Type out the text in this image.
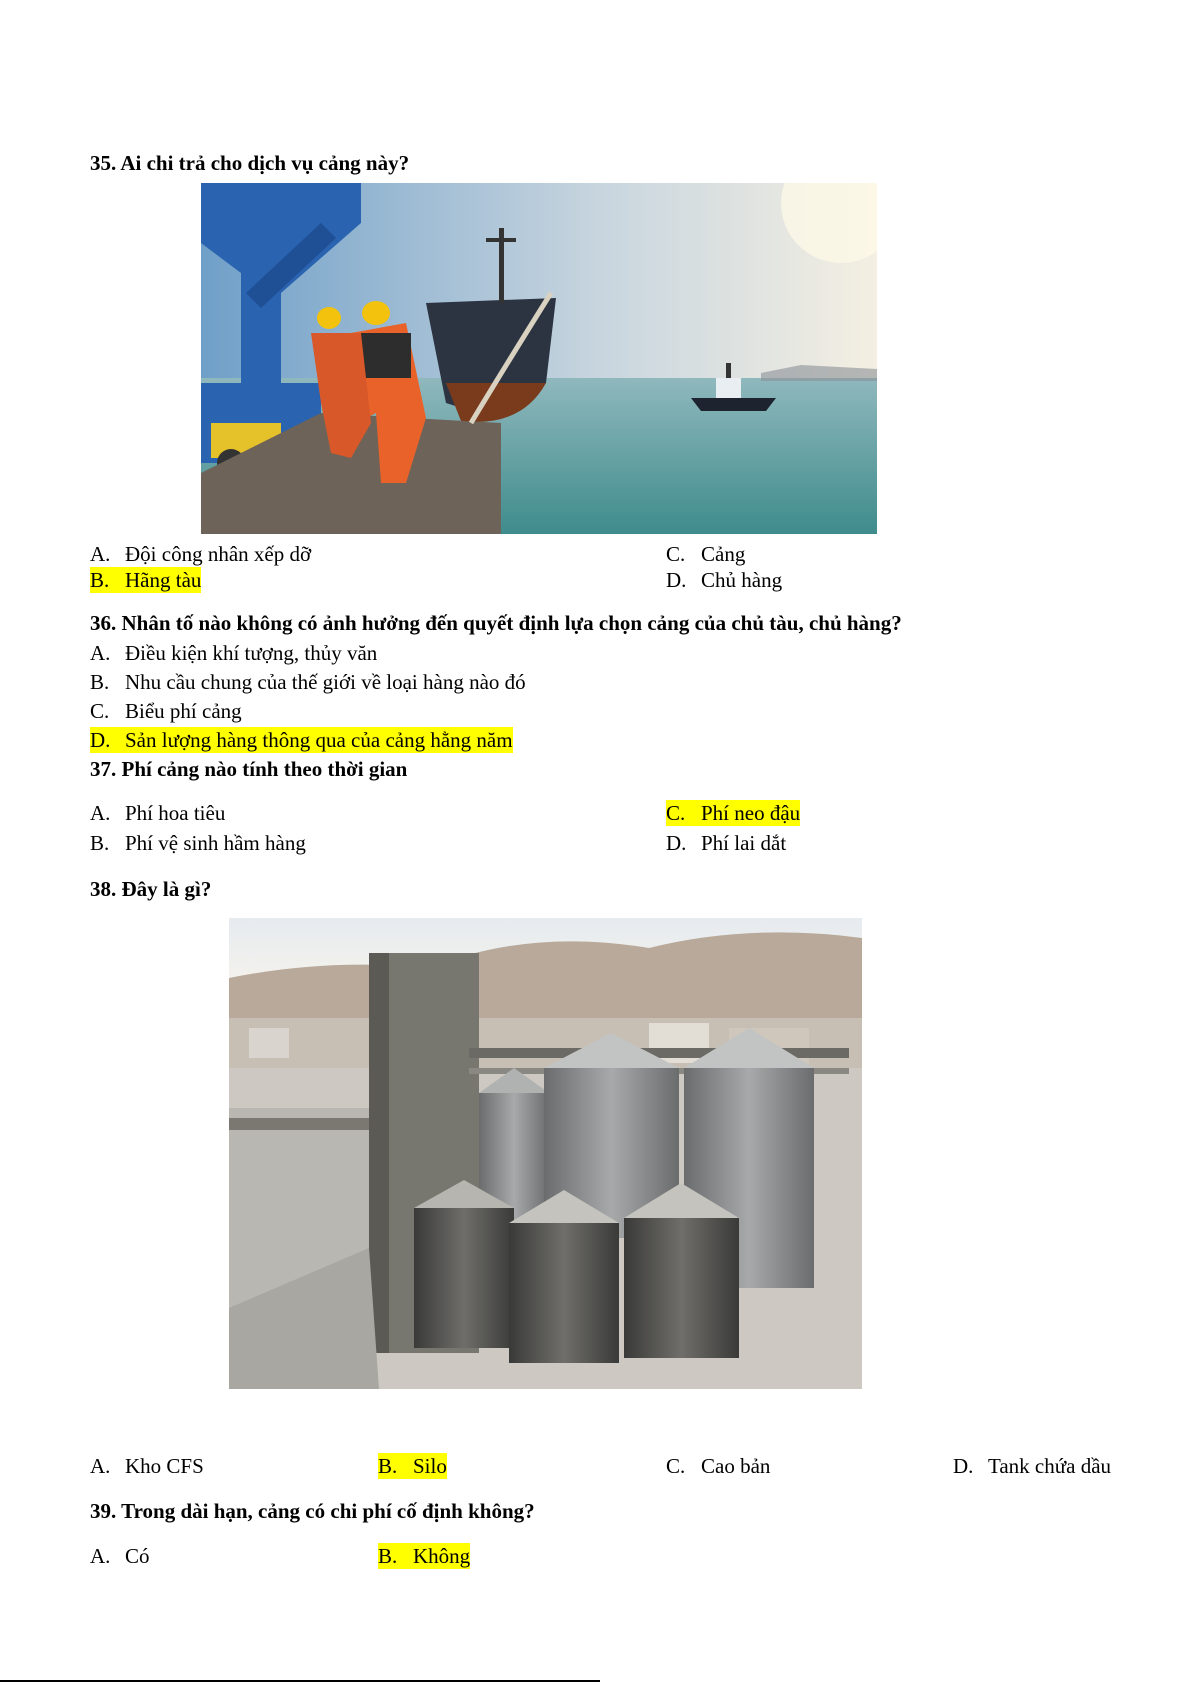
35. Ai chi trả cho dịch vụ cảng này?
A. Đội công nhân xếp dỡ
B. Hãng tàu
C. Cảng
D. Chủ hàng
36. Nhân tố nào không có ảnh hưởng đến quyết định lựa chọn cảng của chủ tàu, chủ hàng?
A. Điều kiện khí tượng, thủy văn
B. Nhu cầu chung của thế giới về loại hàng nào đó
C. Biểu phí cảng
D. Sản lượng hàng thông qua của cảng hằng năm
37. Phí cảng nào tính theo thời gian
A. Phí hoa tiêu
B. Phí vệ sinh hầm hàng
C. Phí neo đậu
D. Phí lai dắt
38. Đây là gì?
A. Kho CFS	B. Silo	C. Cao bản	D. Tank chứa dầu
39. Trong dài hạn, cảng có chi phí cố định không?
A. Có	B. Không
